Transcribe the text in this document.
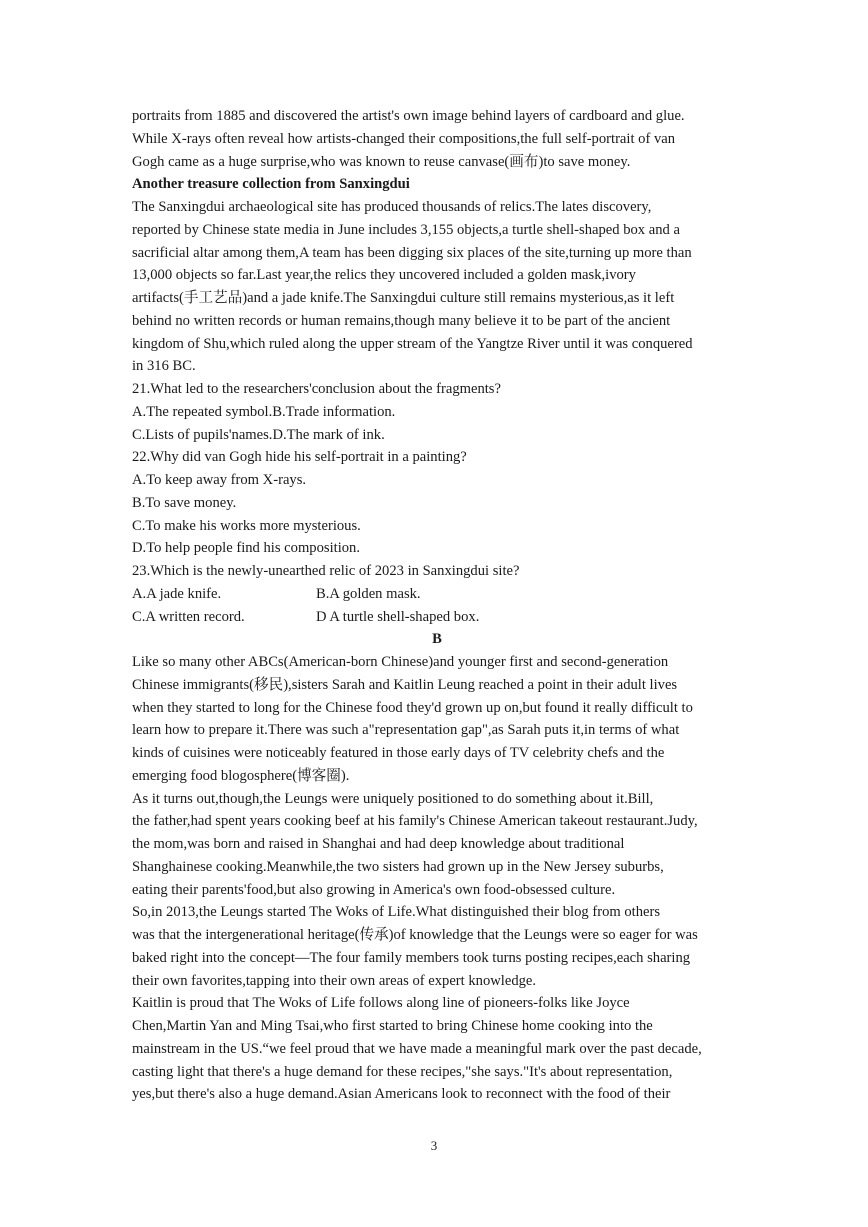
portraits from 1885 and discovered the artist's own image behind layers of cardboard and glue.

While X-rays often reveal how artists-changed their compositions,the full self-portrait of van

Gogh came as a huge surprise,who was known to reuse canvase(画布)to save money.

Another treasure collection from Sanxingdui

The Sanxingdui archaeological site has produced thousands of relics.The lates discovery,

reported by Chinese state media in June includes 3,155 objects,a turtle shell-shaped box and a

sacrificial altar among them,A team has been digging six places of the site,turning up more than

13,000 objects so far.Last year,the relics they uncovered included a golden mask,ivory

artifacts(手工艺品)and a jade knife.The Sanxingdui culture still remains mysterious,as it left

behind no written records or human remains,though many believe it to be part of the ancient

kingdom of Shu,which ruled along the upper stream of the Yangtze River until it was conquered

in 316 BC.

21.What led to the researchers'conclusion about the fragments?

A.The repeated symbol.B.Trade information.

C.Lists of pupils'names.D.The mark of ink.

22.Why did van Gogh hide his self-portrait in a painting?

A.To keep away from X-rays.

B.To save money.

C.To make his works more mysterious.

D.To help people find his composition.

23.Which is the newly-unearthed relic of 2023 in Sanxingdui site?

A.A jade knife.	B.A golden mask.
C.A written record.	D A turtle shell-shaped box.

B

Like so many other ABCs(American-born Chinese)and younger first and second-generation

Chinese immigrants(移民),sisters Sarah and Kaitlin Leung reached a point in their adult lives

when they started to long for the Chinese food they'd grown up on,but found it really difficult to

learn how to prepare it.There was such a"representation gap",as Sarah puts it,in terms of what

kinds of cuisines were noticeably featured in those early days of TV celebrity chefs and the

emerging food blogosphere(博客圈).

As it turns out,though,the Leungs were uniquely positioned to do something about it.Bill,

the father,had spent years cooking beef at his family's Chinese American takeout restaurant.Judy,

the mom,was born and raised in Shanghai and had deep knowledge about traditional

Shanghainese cooking.Meanwhile,the two sisters had grown up in the New Jersey suburbs,

eating their parents'food,but also growing in America's own food-obsessed culture.

So,in 2013,the Leungs started The Woks of Life.What distinguished their blog from others

was that the intergenerational heritage(传承)of knowledge that the Leungs were so eager for was

baked right into the concept—The four family members took turns posting recipes,each sharing

their own favorites,tapping into their own areas of expert knowledge.

Kaitlin is proud that The Woks of Life follows along line of pioneers-folks like Joyce

Chen,Martin Yan and Ming Tsai,who first started to bring Chinese home cooking into the

mainstream in the US.“we feel proud that we have made a meaningful mark over the past decade,

casting light that there's a huge demand for these recipes,"she says."It's about representation,

yes,but there's also a huge demand.Asian Americans look to reconnect with the food of their

3
